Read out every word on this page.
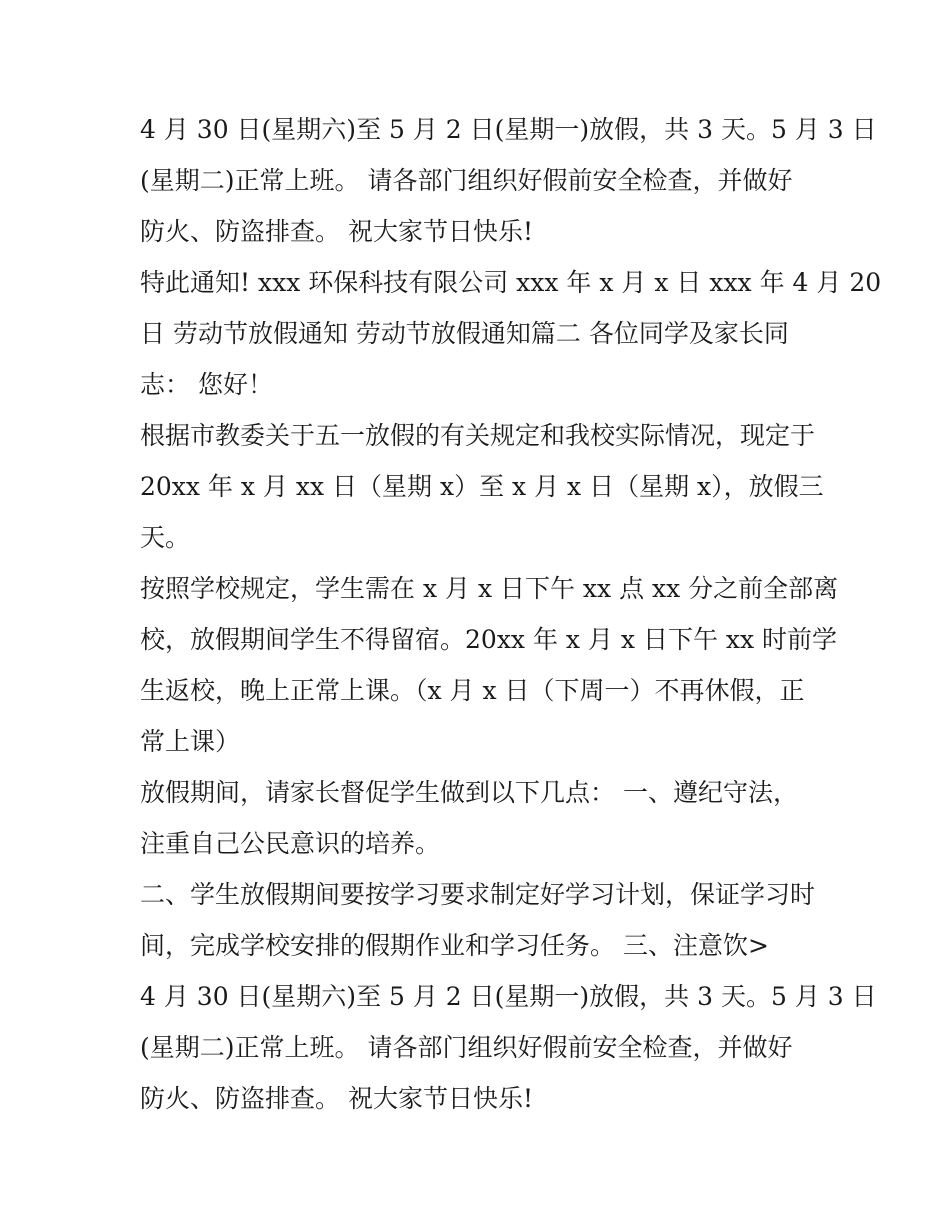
4 月 30 日(星期六)至 5 月 2 日(星期一)放假，共 3 天。5 月 3 日
(星期二)正常上班。 请各部门组织好假前安全检查，并做好
防火、防盗排查。 祝大家节日快乐!
特此通知! xxx 环保科技有限公司 xxx 年 x 月 x 日 xxx 年 4 月 20
日 劳动节放假通知 劳动节放假通知篇二 各位同学及家长同
志： 您好！
根据市教委关于五一放假的有关规定和我校实际情况，现定于
20xx 年 x 月 xx 日（星期 x）至 x 月 x 日（星期 x），放假三
天。
按照学校规定，学生需在 x 月 x 日下午 xx 点 xx 分之前全部离
校，放假期间学生不得留宿。20xx 年 x 月 x 日下午 xx 时前学
生返校，晚上正常上课。（x 月 x 日（下周一）不再休假，正
常上课）
放假期间，请家长督促学生做到以下几点： 一、遵纪守法，
注重自己公民意识的培养。
二、学生放假期间要按学习要求制定好学习计划，保证学习时
间，完成学校安排的假期作业和学习任务。 三、注意饮>
4 月 30 日(星期六)至 5 月 2 日(星期一)放假，共 3 天。5 月 3 日
(星期二)正常上班。 请各部门组织好假前安全检查，并做好
防火、防盗排查。 祝大家节日快乐!
